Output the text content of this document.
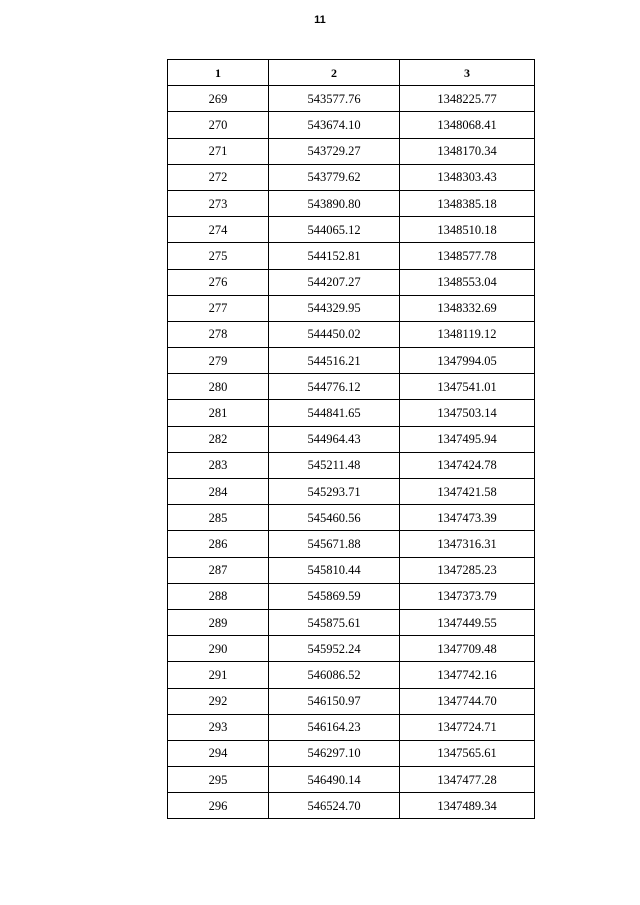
11
1	2	3
269	543577.76	1348225.77
270	543674.10	1348068.41
271	543729.27	1348170.34
272	543779.62	1348303.43
273	543890.80	1348385.18
274	544065.12	1348510.18
275	544152.81	1348577.78
276	544207.27	1348553.04
277	544329.95	1348332.69
278	544450.02	1348119.12
279	544516.21	1347994.05
280	544776.12	1347541.01
281	544841.65	1347503.14
282	544964.43	1347495.94
283	545211.48	1347424.78
284	545293.71	1347421.58
285	545460.56	1347473.39
286	545671.88	1347316.31
287	545810.44	1347285.23
288	545869.59	1347373.79
289	545875.61	1347449.55
290	545952.24	1347709.48
291	546086.52	1347742.16
292	546150.97	1347744.70
293	546164.23	1347724.71
294	546297.10	1347565.61
295	546490.14	1347477.28
296	546524.70	1347489.34
